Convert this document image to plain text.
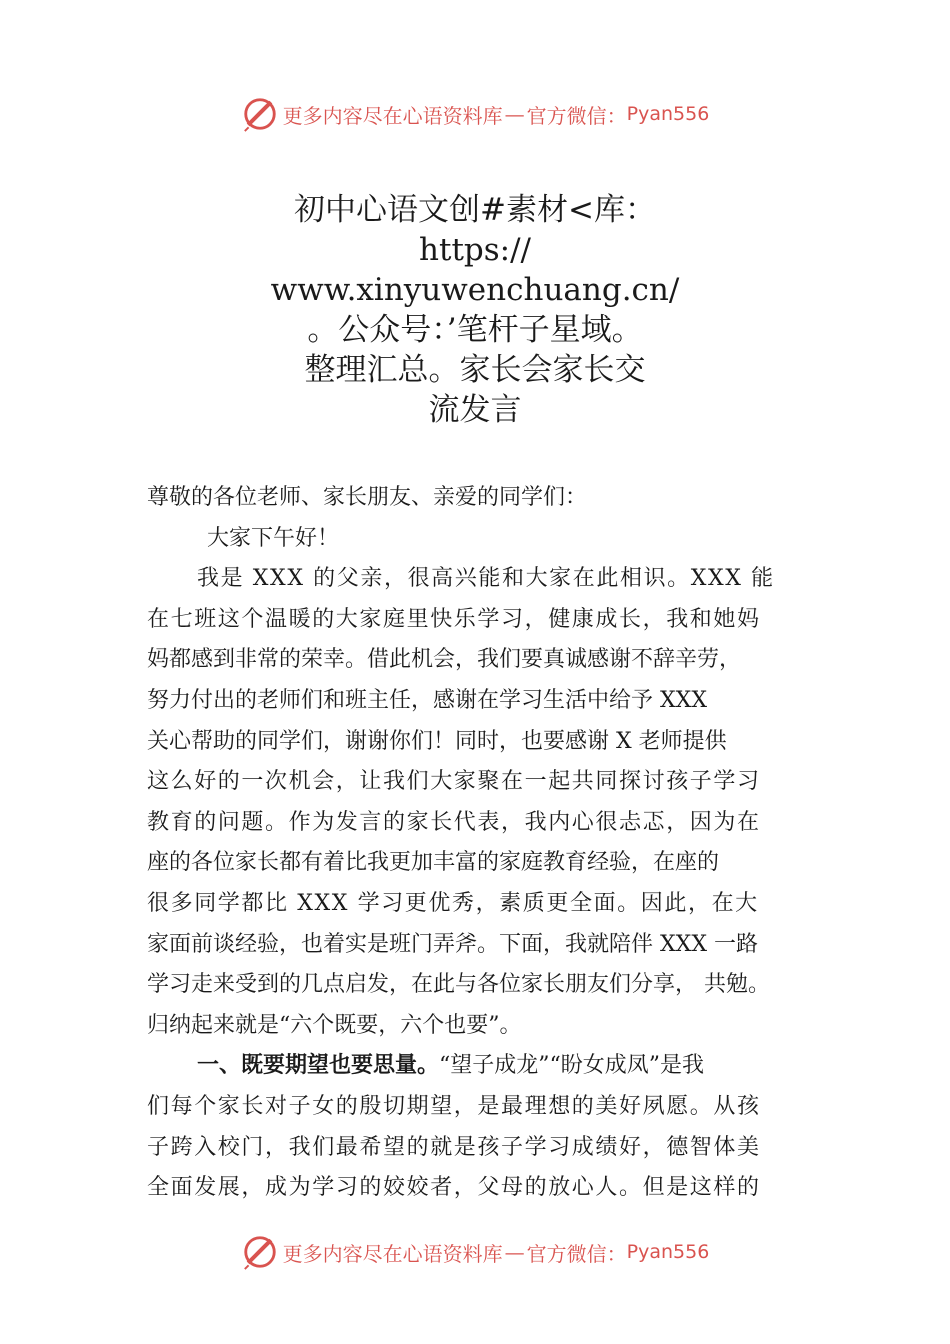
更多内容尽在心语资料库 — 官方微信： Pyan556
初中心语文创#素材<库：
https://
www.xinyuwenchuang.cn/
。公众号：’笔杆子星域。
整理汇总。家长会家长交
流发言

尊敬的各位老师、家长朋友、亲爱的同学们：

大家下午好！

我是 XXX 的父亲，很高兴能和大家在此相识。XXX 能

在七班这个温暖的大家庭里快乐学习，健康成长，我和她妈

妈都感到非常的荣幸。借此机会，我们要真诚感谢不辞辛劳，

努力付出的老师们和班主任，感谢在学习生活中给予 XXX

关心帮助的同学们，谢谢你们！同时，也要感谢 X 老师提供

这么好的一次机会，让我们大家聚在一起共同探讨孩子学习

教育的问题。作为发言的家长代表，我内心很忐忑，因为在

座的各位家长都有着比我更加丰富的家庭教育经验，在座的

很多同学都比 XXX 学习更优秀，素质更全面。因此，在大

家面前谈经验，也着实是班门弄斧。下面，我就陪伴 XXX 一路

学习走来受到的几点启发，在此与各位家长朋友们分享， 共勉。

归纳起来就是“六个既要，六个也要”。

一、既要期望也要思量。“望子成龙”“盼女成凤”是我

们每个家长对子女的殷切期望，是最理想的美好夙愿。从孩

子跨入校门，我们最希望的就是孩子学习成绩好，德智体美

全面发展，成为学习的姣姣者，父母的放心人。但是这样的

更多内容尽在心语资料库 — 官方微信： Pyan556
